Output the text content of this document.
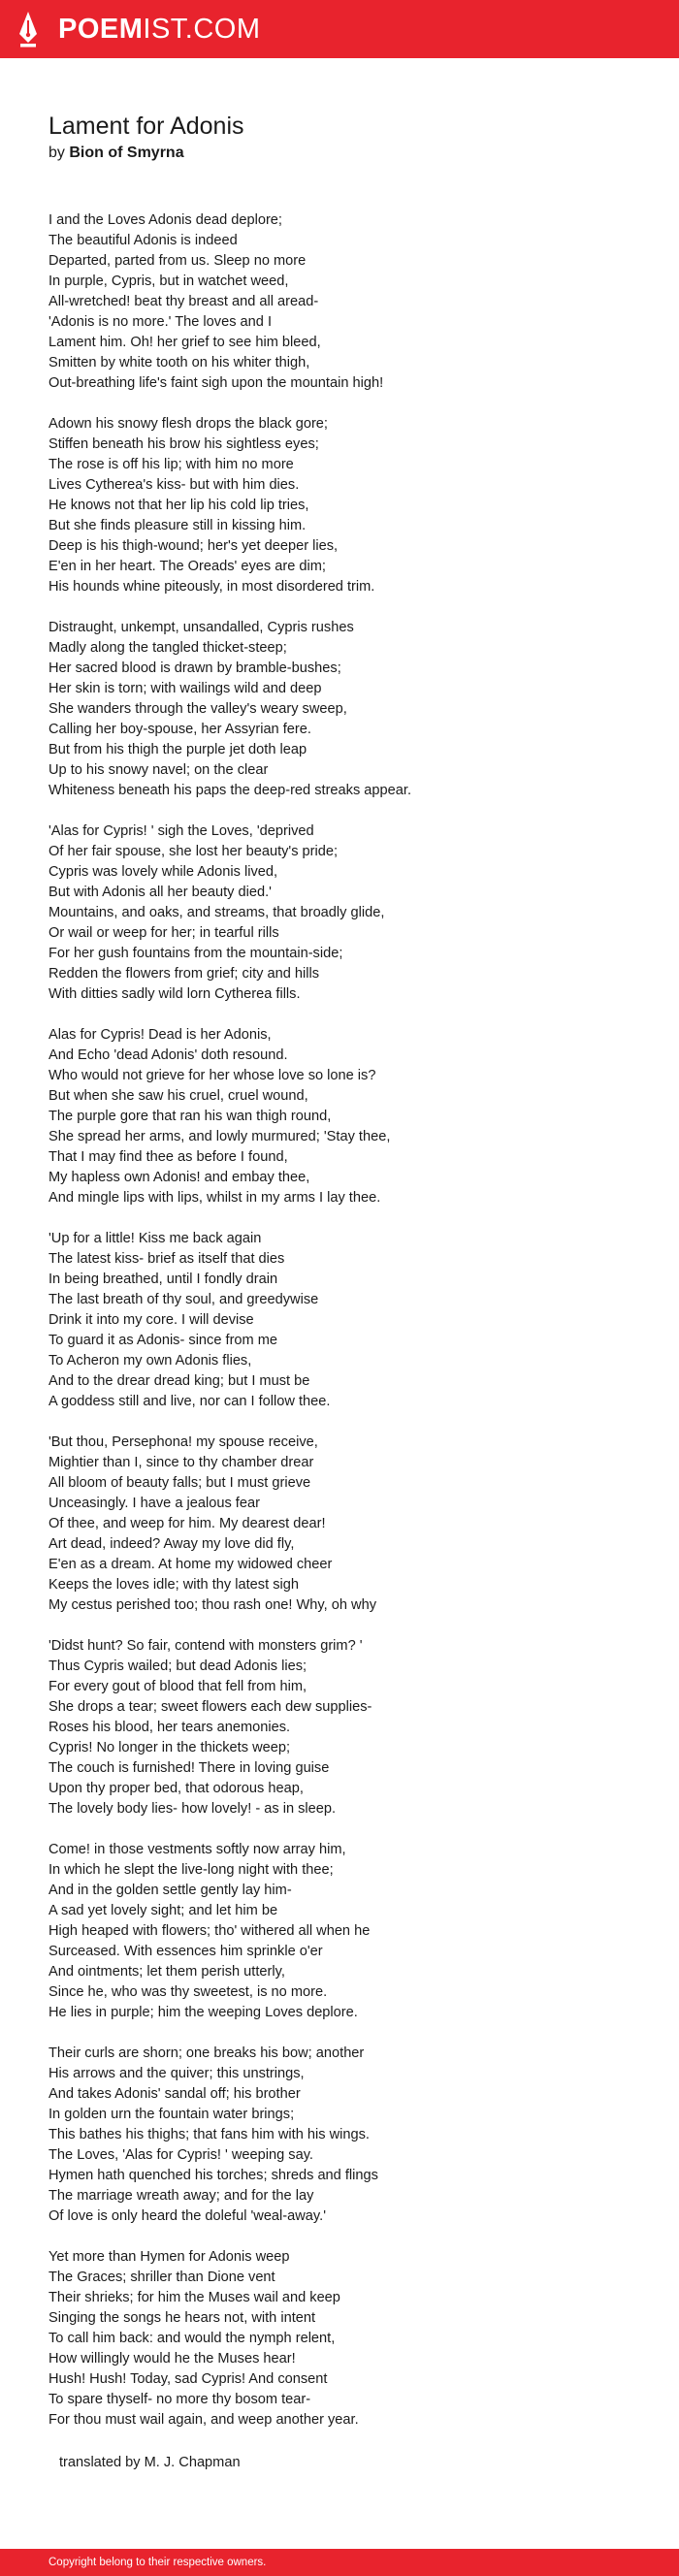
POEMIST.COM
Lament for Adonis
by Bion of Smyrna
I and the Loves Adonis dead deplore;
The beautiful Adonis is indeed
Departed, parted from us. Sleep no more
In purple, Cypris, but in watchet weed,
All-wretched! beat thy breast and all aread-
'Adonis is no more.' The loves and I
Lament him. Oh! her grief to see him bleed,
Smitten by white tooth on his whiter thigh,
Out-breathing life's faint sigh upon the mountain high!
Adown his snowy flesh drops the black gore;
Stiffen beneath his brow his sightless eyes;
The rose is off his lip; with him no more
Lives Cytherea's kiss- but with him dies.
He knows not that her lip his cold lip tries,
But she finds pleasure still in kissing him.
Deep is his thigh-wound; her's yet deeper lies,
E'en in her heart. The Oreads' eyes are dim;
His hounds whine piteously, in most disordered trim.
Distraught, unkempt, unsandalled, Cypris rushes
Madly along the tangled thicket-steep;
Her sacred blood is drawn by bramble-bushes;
Her skin is torn; with wailings wild and deep
She wanders through the valley's weary sweep,
Calling her boy-spouse, her Assyrian fere.
But from his thigh the purple jet doth leap
Up to his snowy navel; on the clear
Whiteness beneath his paps the deep-red streaks appear.
'Alas for Cypris! ' sigh the Loves, 'deprived
Of her fair spouse, she lost her beauty's pride;
Cypris was lovely while Adonis lived,
But with Adonis all her beauty died.'
Mountains, and oaks, and streams, that broadly glide,
Or wail or weep for her; in tearful rills
For her gush fountains from the mountain-side;
Redden the flowers from grief; city and hills
With ditties sadly wild lorn Cytherea fills.
Alas for Cypris! Dead is her Adonis,
And Echo 'dead Adonis' doth resound.
Who would not grieve for her whose love so lone is?
But when she saw his cruel, cruel wound,
The purple gore that ran his wan thigh round,
She spread her arms, and lowly murmured; 'Stay thee,
That I may find thee as before I found,
My hapless own Adonis! and embay thee,
And mingle lips with lips, whilst in my arms I lay thee.
'Up for a little! Kiss me back again
The latest kiss- brief as itself that dies
In being breathed, until I fondly drain
The last breath of thy soul, and greedywise
Drink it into my core. I will devise
To guard it as Adonis- since from me
To Acheron my own Adonis flies,
And to the drear dread king; but I must be
A goddess still and live, nor can I follow thee.
'But thou, Persephona! my spouse receive,
Mightier than I, since to thy chamber drear
All bloom of beauty falls; but I must grieve
Unceasingly. I have a jealous fear
Of thee, and weep for him. My dearest dear!
Art dead, indeed? Away my love did fly,
E'en as a dream. At home my widowed cheer
Keeps the loves idle; with thy latest sigh
My cestus perished too; thou rash one! Why, oh why
'Didst hunt? So fair, contend with monsters grim? '
Thus Cypris wailed; but dead Adonis lies;
For every gout of blood that fell from him,
She drops a tear; sweet flowers each dew supplies-
Roses his blood, her tears anemonies.
Cypris! No longer in the thickets weep;
The couch is furnished! There in loving guise
Upon thy proper bed, that odorous heap,
The lovely body lies- how lovely! - as in sleep.
Come! in those vestments softly now array him,
In which he slept the live-long night with thee;
And in the golden settle gently lay him-
A sad yet lovely sight; and let him be
High heaped with flowers; tho' withered all when he
Surceased. With essences him sprinkle o'er
And ointments; let them perish utterly,
Since he, who was thy sweetest, is no more.
He lies in purple; him the weeping Loves deplore.
Their curls are shorn; one breaks his bow; another
His arrows and the quiver; this unstrings,
And takes Adonis' sandal off; his brother
In golden urn the fountain water brings;
This bathes his thighs; that fans him with his wings.
The Loves, 'Alas for Cypris! ' weeping say.
Hymen hath quenched his torches; shreds and flings
The marriage wreath away; and for the lay
Of love is only heard the doleful 'weal-away.'
Yet more than Hymen for Adonis weep
The Graces; shriller than Dione vent
Their shrieks; for him the Muses wail and keep
Singing the songs he hears not, with intent
To call him back: and would the nymph relent,
How willingly would he the Muses hear!
Hush! Hush! Today, sad Cypris! And consent
To spare thyself- no more thy bosom tear-
For thou must wail again, and weep another year.
translated by M. J. Chapman
Copyright belong to their respective owners.
